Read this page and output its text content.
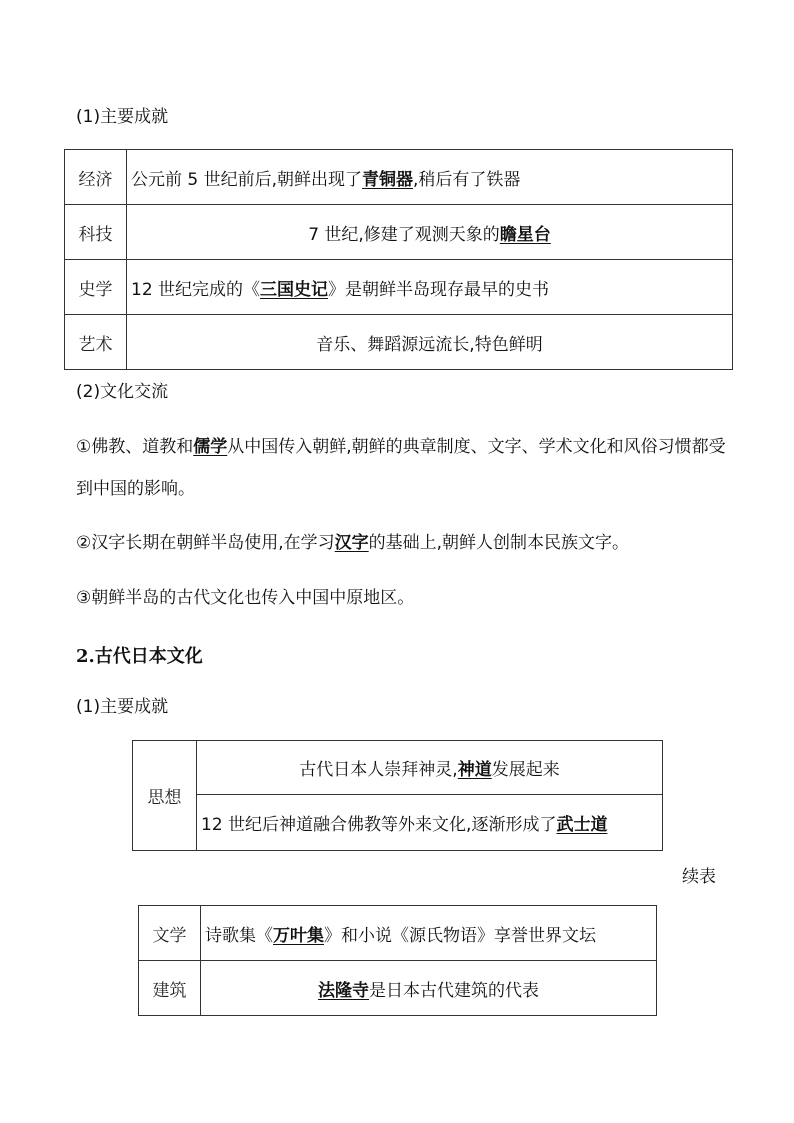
(1)主要成就
经济	公元前 5 世纪前后,朝鲜出现了青铜器,稍后有了铁器
科技	7 世纪,修建了观测天象的瞻星台
史学	12 世纪完成的《三国史记》是朝鲜半岛现存最早的史书
艺术	音乐、舞蹈源远流长,特色鲜明
(2)文化交流
①佛教、道教和儒学从中国传入朝鲜,朝鲜的典章制度、文字、学术文化和风俗习惯都受到中国的影响。
②汉字长期在朝鲜半岛使用,在学习汉字的基础上,朝鲜人创制本民族文字。
③朝鲜半岛的古代文化也传入中国中原地区。
2.古代日本文化
(1)主要成就
思想	古代日本人崇拜神灵,神道发展起来
12 世纪后神道融合佛教等外来文化,逐渐形成了武士道
续表
文学	诗歌集《万叶集》和小说《源氏物语》享誉世界文坛
建筑	法隆寺是日本古代建筑的代表
